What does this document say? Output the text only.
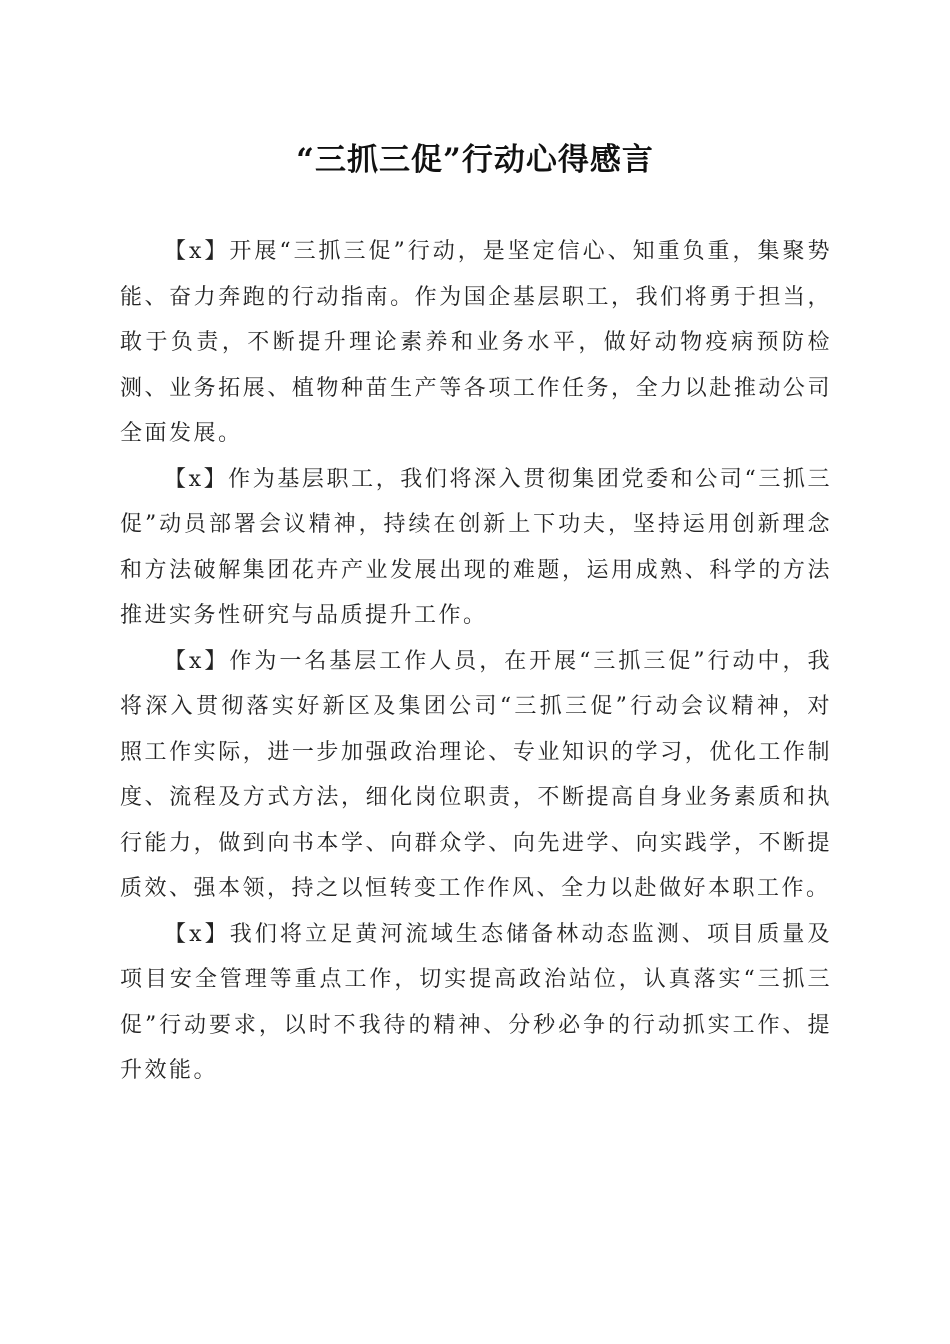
“三抓三促”行动心得感言

【x】开展“三抓三促”行动，是坚定信心、知重负重，集聚势能、奋力奔跑的行动指南。作为国企基层职工，我们将勇于担当，敢于负责，不断提升理论素养和业务水平，做好动物疫病预防检测、业务拓展、植物种苗生产等各项工作任务，全力以赴推动公司全面发展。

【x】作为基层职工，我们将深入贯彻集团党委和公司“三抓三促”动员部署会议精神，持续在创新上下功夫，坚持运用创新理念和方法破解集团花卉产业发展出现的难题，运用成熟、科学的方法推进实务性研究与品质提升工作。

【x】作为一名基层工作人员，在开展“三抓三促”行动中，我将深入贯彻落实好新区及集团公司“三抓三促”行动会议精神，对照工作实际，进一步加强政治理论、专业知识的学习，优化工作制度、流程及方式方法，细化岗位职责，不断提高自身业务素质和执行能力，做到向书本学、向群众学、向先进学、向实践学，不断提质效、强本领，持之以恒转变工作作风、全力以赴做好本职工作。

【x】我们将立足黄河流域生态储备林动态监测、项目质量及项目安全管理等重点工作，切实提高政治站位，认真落实“三抓三促”行动要求，以时不我待的精神、分秒必争的行动抓实工作、提升效能。
